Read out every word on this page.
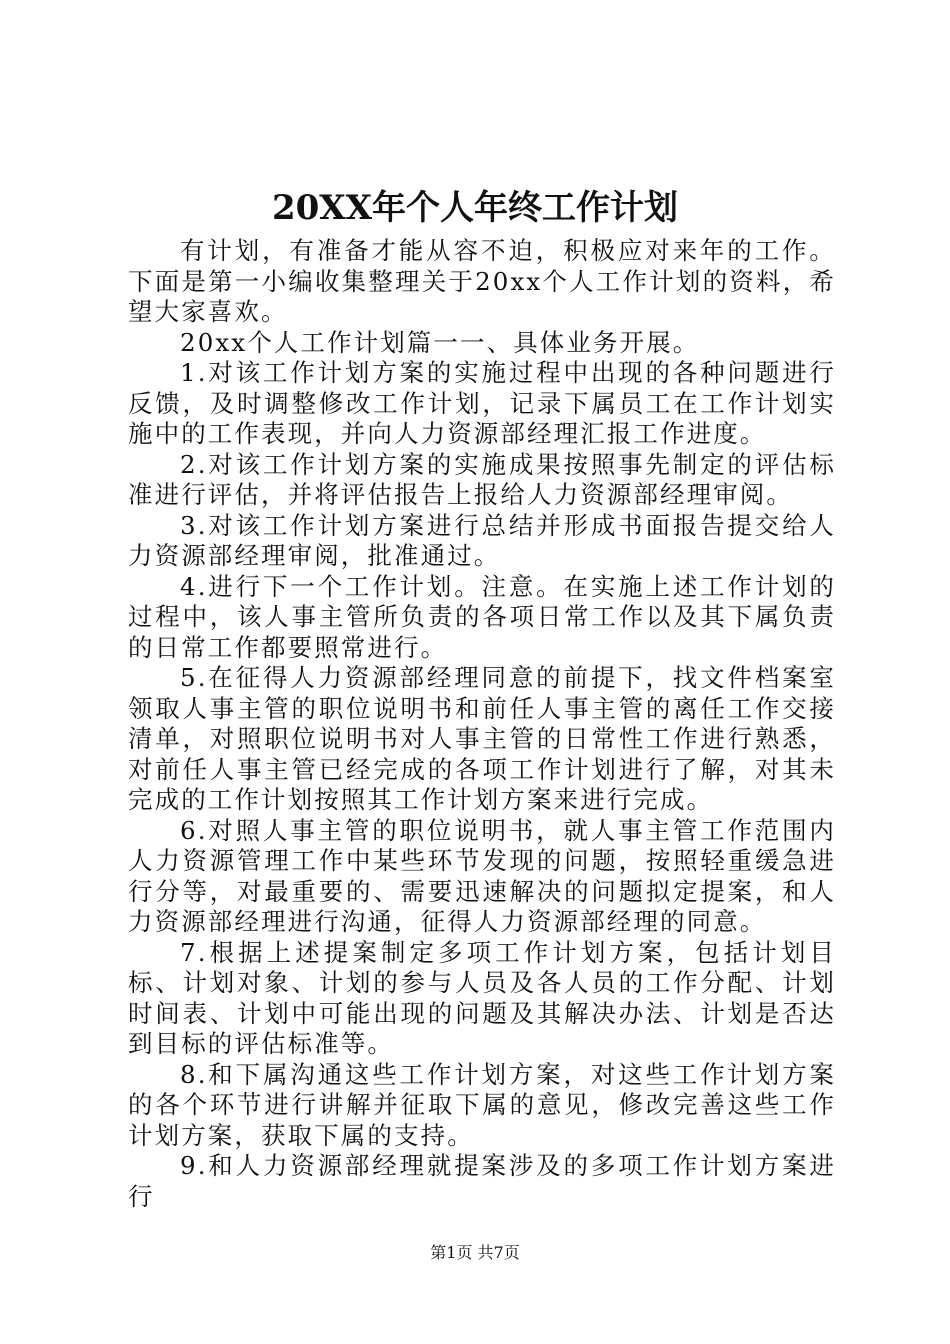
20XX年个人年终工作计划

有计划，有准备才能从容不迫，积极应对来年的工作。下面是第一小编收集整理关于20xx个人工作计划的资料，希望大家喜欢。

20xx个人工作计划篇一一、具体业务开展。

1.对该工作计划方案的实施过程中出现的各种问题进行反馈，及时调整修改工作计划，记录下属员工在工作计划实施中的工作表现，并向人力资源部经理汇报工作进度。

2.对该工作计划方案的实施成果按照事先制定的评估标准进行评估，并将评估报告上报给人力资源部经理审阅。

3.对该工作计划方案进行总结并形成书面报告提交给人力资源部经理审阅，批准通过。

4.进行下一个工作计划。注意。在实施上述工作计划的过程中，该人事主管所负责的各项日常工作以及其下属负责的日常工作都要照常进行。

5.在征得人力资源部经理同意的前提下，找文件档案室领取人事主管的职位说明书和前任人事主管的离任工作交接清单，对照职位说明书对人事主管的日常性工作进行熟悉，对前任人事主管已经完成的各项工作计划进行了解，对其未完成的工作计划按照其工作计划方案来进行完成。

6.对照人事主管的职位说明书，就人事主管工作范围内人力资源管理工作中某些环节发现的问题，按照轻重缓急进行分等，对最重要的、需要迅速解决的问题拟定提案，和人力资源部经理进行沟通，征得人力资源部经理的同意。

7.根据上述提案制定多项工作计划方案，包括计划目标、计划对象、计划的参与人员及各人员的工作分配、计划时间表、计划中可能出现的问题及其解决办法、计划是否达到目标的评估标准等。

8.和下属沟通这些工作计划方案，对这些工作计划方案的各个环节进行讲解并征取下属的意见，修改完善这些工作计划方案，获取下属的支持。

9.和人力资源部经理就提案涉及的多项工作计划方案进行

第1页 共7页
